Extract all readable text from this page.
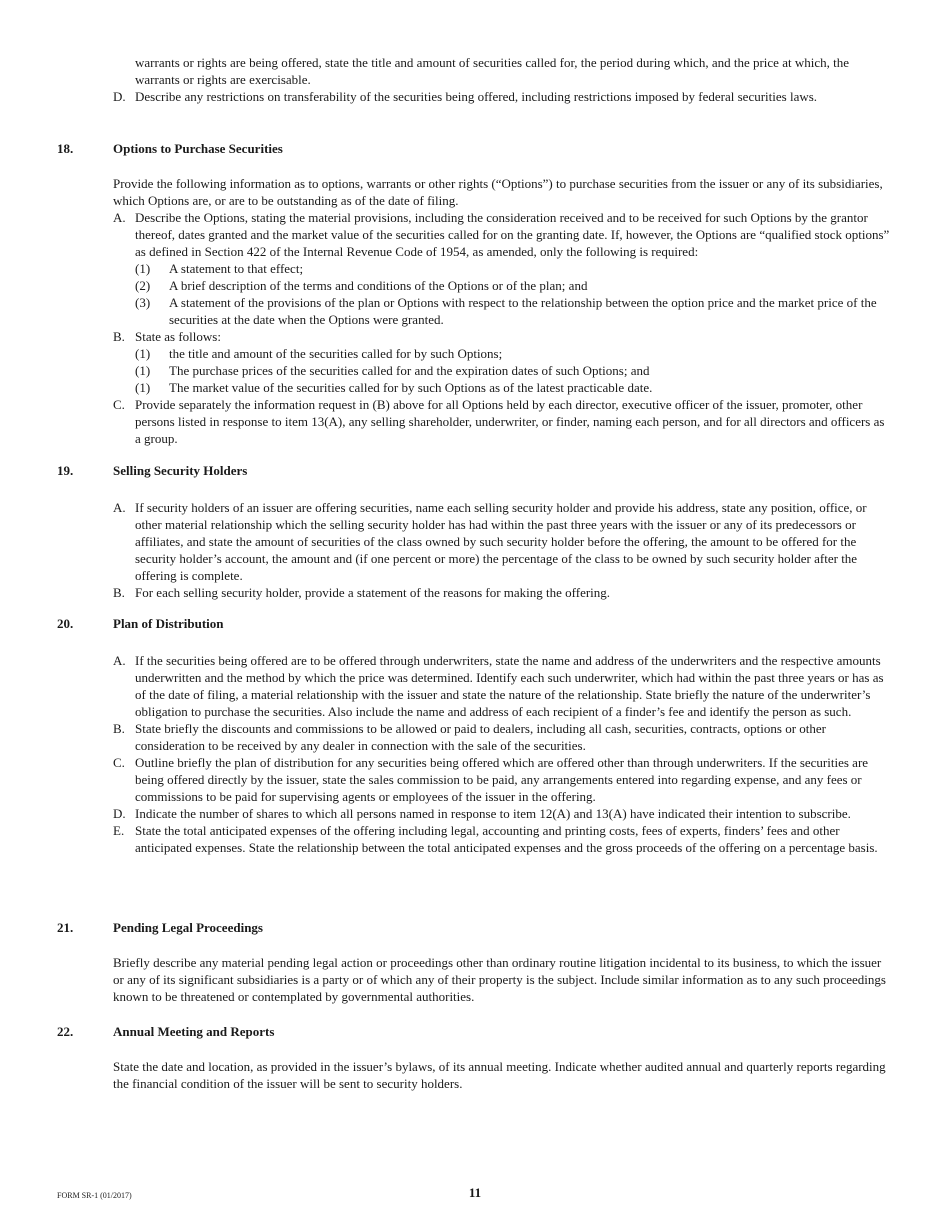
warrants or rights are being offered, state the title and amount of securities called for, the period during which, and the price at which, the warrants or rights are exercisable.

D. Describe any restrictions on transferability of the securities being offered, including restrictions imposed by federal securities laws.
18.	Options to Purchase Securities

Provide the following information as to options, warrants or other rights (“Options”) to purchase securities from the issuer or any of its subsidiaries, which Options are, or are to be outstanding as of the date of filing.

A. Describe the Options, stating the material provisions, including the consideration received and to be received for such Options by the grantor thereof, dates granted and the market value of the securities called for on the granting date. If, however, the Options are “qualified stock options” as defined in Section 422 of the Internal Revenue Code of 1954, as amended, only the following is required:
(1) A statement to that effect;
(2) A brief description of the terms and conditions of the Options or of the plan; and
(3) A statement of the provisions of the plan or Options with respect to the relationship between the option price and the market price of the securities at the date when the Options were granted.
B. State as follows:
(1) the title and amount of the securities called for by such Options;
(1) The purchase prices of the securities called for and the expiration dates of such Options; and
(1) The market value of the securities called for by such Options as of the latest practicable date.
C. Provide separately the information request in (B) above for all Options held by each director, executive officer of the issuer, promoter, other persons listed in response to item 13(A), any selling shareholder, underwriter, or finder, naming each person, and for all directors and officers as a group.
19.	Selling Security Holders
A. If security holders of an issuer are offering securities, name each selling security holder and provide his address, state any position, office, or other material relationship which the selling security holder has had within the past three years with the issuer or any of its predecessors or affiliates, and state the amount of securities of the class owned by such security holder before the offering, the amount to be offered for the security holder’s account, the amount and (if one percent or more) the percentage of the class to be owned by such security holder after the offering is complete.
B. For each selling security holder, provide a statement of the reasons for making the offering.
20.	Plan of Distribution
A. If the securities being offered are to be offered through underwriters, state the name and address of the underwriters and the respective amounts underwritten and the method by which the price was determined. Identify each such underwriter, which had within the past three years or has as of the date of filing, a material relationship with the issuer and state the nature of the relationship. State briefly the nature of the underwriter’s obligation to purchase the securities. Also include the name and address of each recipient of a finder’s fee and identify the person as such.
B. State briefly the discounts and commissions to be allowed or paid to dealers, including all cash, securities, contracts, options or other consideration to be received by any dealer in connection with the sale of the securities.
C. Outline briefly the plan of distribution for any securities being offered which are offered other than through underwriters. If the securities are being offered directly by the issuer, state the sales commission to be paid, any arrangements entered into regarding expense, and any fees or commissions to be paid for supervising agents or employees of the issuer in the offering.
D. Indicate the number of shares to which all persons named in response to item 12(A) and 13(A) have indicated their intention to subscribe.
E. State the total anticipated expenses of the offering including legal, accounting and printing costs, fees of experts, finders’ fees and other anticipated expenses. State the relationship between the total anticipated expenses and the gross proceeds of the offering on a percentage basis.
21.	Pending Legal Proceedings

Briefly describe any material pending legal action or proceedings other than ordinary routine litigation incidental to its business, to which the issuer or any of its significant subsidiaries is a party or of which any of their property is the subject. Include similar information as to any such proceedings known to be threatened or contemplated by governmental authorities.

22.	Annual Meeting and Reports

State the date and location, as provided in the issuer’s bylaws, of its annual meeting. Indicate whether audited annual and quarterly reports regarding the financial condition of the issuer will be sent to security holders.

FORM SR-1 (01/2017)	11
